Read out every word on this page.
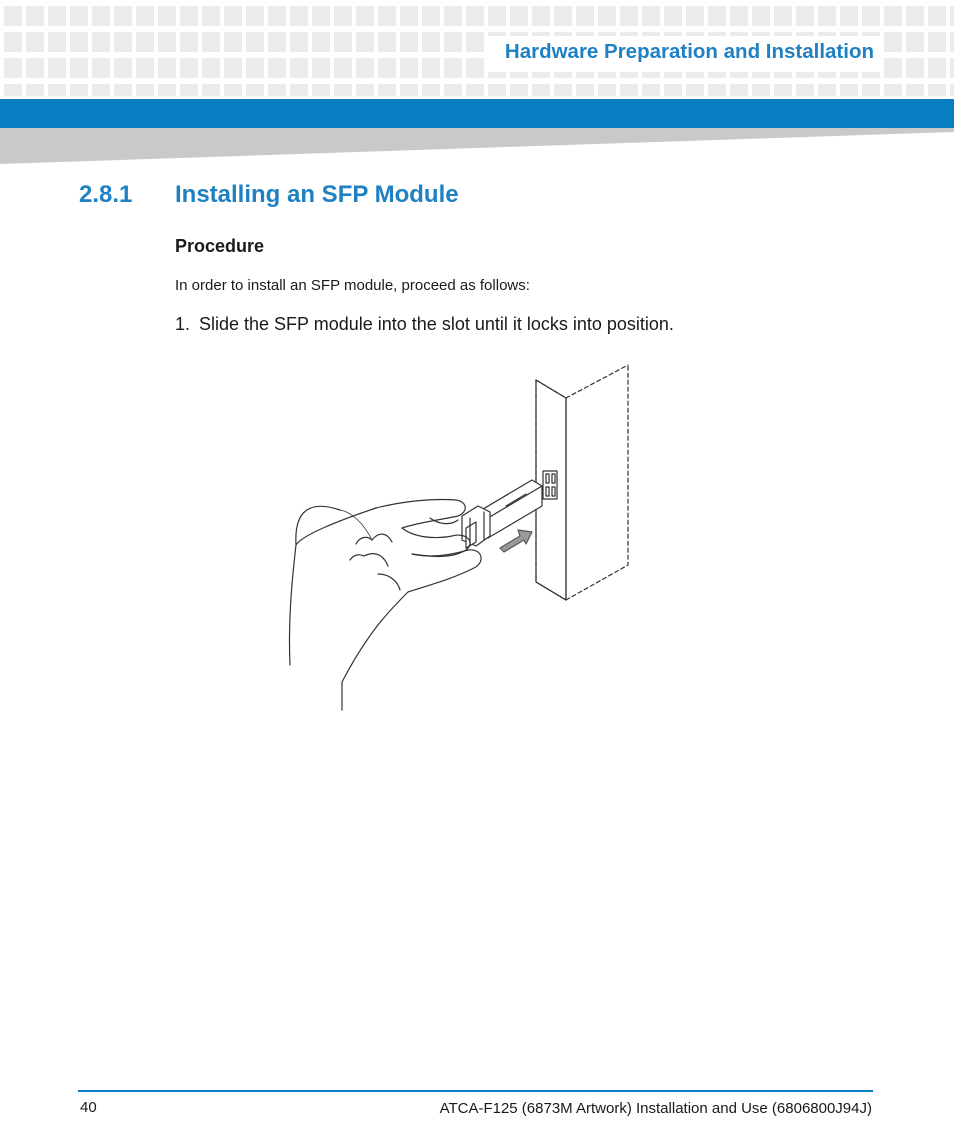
Hardware Preparation and Installation
2.8.1 Installing an SFP Module
Procedure
In order to install an SFP module, proceed as follows:
1. Slide the SFP module into the slot until it locks into position.
40	ATCA-F125 (6873M Artwork) Installation and Use (6806800J94J)
